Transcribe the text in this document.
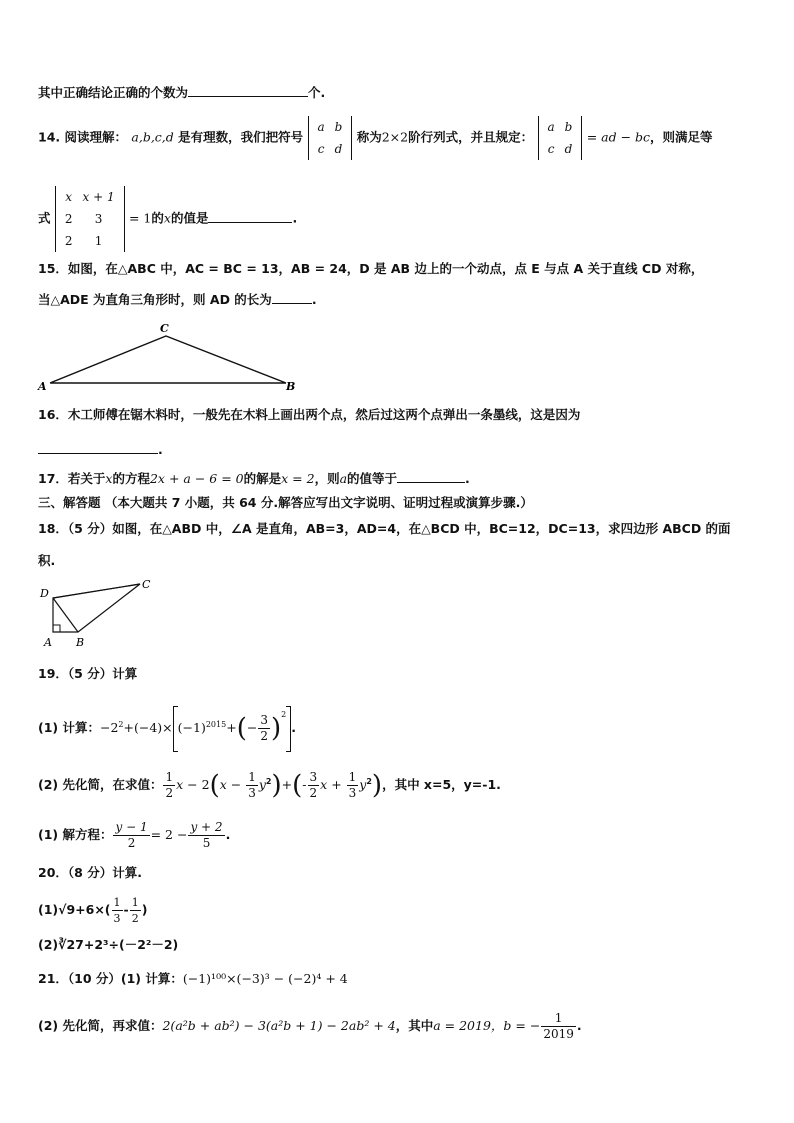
其中正确结论正确的个数为	个.
14. 阅读理解： a,b,c,d 是有理数，我们把符号
a	b
c	d
称为2×2阶行列式，并且规定：
a	b
c	d
= ad − bc，则满足等
式
x	x + 1
2	3
2	1
= 1的x的值是	.
15．如图，在△ABC 中，AC = BC = 13，AB = 24，D 是 AB 边上的一个动点，点 E 与点 A 关于直线 CD 对称，
当△ADE 为直角三角形时，则 AD 的长为	.
A
C
B
16．木工师傅在锯木料时，一般先在木料上画出两个点，然后过这两个点弹出一条墨线，这是因为
.
17．若关于x的方程2x + a − 6 = 0的解是x = 2，则a的值等于	.
三、解答题 （本大题共 7 小题，共 64 分.解答应写出文字说明、证明过程或演算步骤.）
18．（5 分）如图，在△ABD 中，∠A 是直角，AB=3，AD=4，在△BCD 中，BC=12，DC=13，求四边形 ABCD 的面
积.
D
C
A B
19．（5 分）计算
(1) 计算：$-2^2+(-4)\times (-1)^{2015}+(- \frac{3}{2} )^2$.
(2) 先化简，在求值： $\frac{1}{2}$ $x - 2(x - \frac{1}{3} y^2)+(- \frac{3}{2}$ $x + \frac{1}{3} y^2$)，其中 x=5，y=-1.
(1) 解方程： $\frac{y - 1}{2} = 2 - \frac{y + 2}{5}$ .
20．（8 分）计算.
$(1)√9+6\times( \frac{1}{3} - \frac{1}{2}$ )
(2)∛27+2³÷(－2²－2)
21．（10 分）(1) 计算：(−1)¹⁰⁰×(−3)³ − (−2)⁴ + 4
(2) 先化简，再求值：2(a²b + ab²) − 3(a²b + 1) − 2ab² + 4，其中a = 2019，b = − $\frac{1}{2019}$ .
